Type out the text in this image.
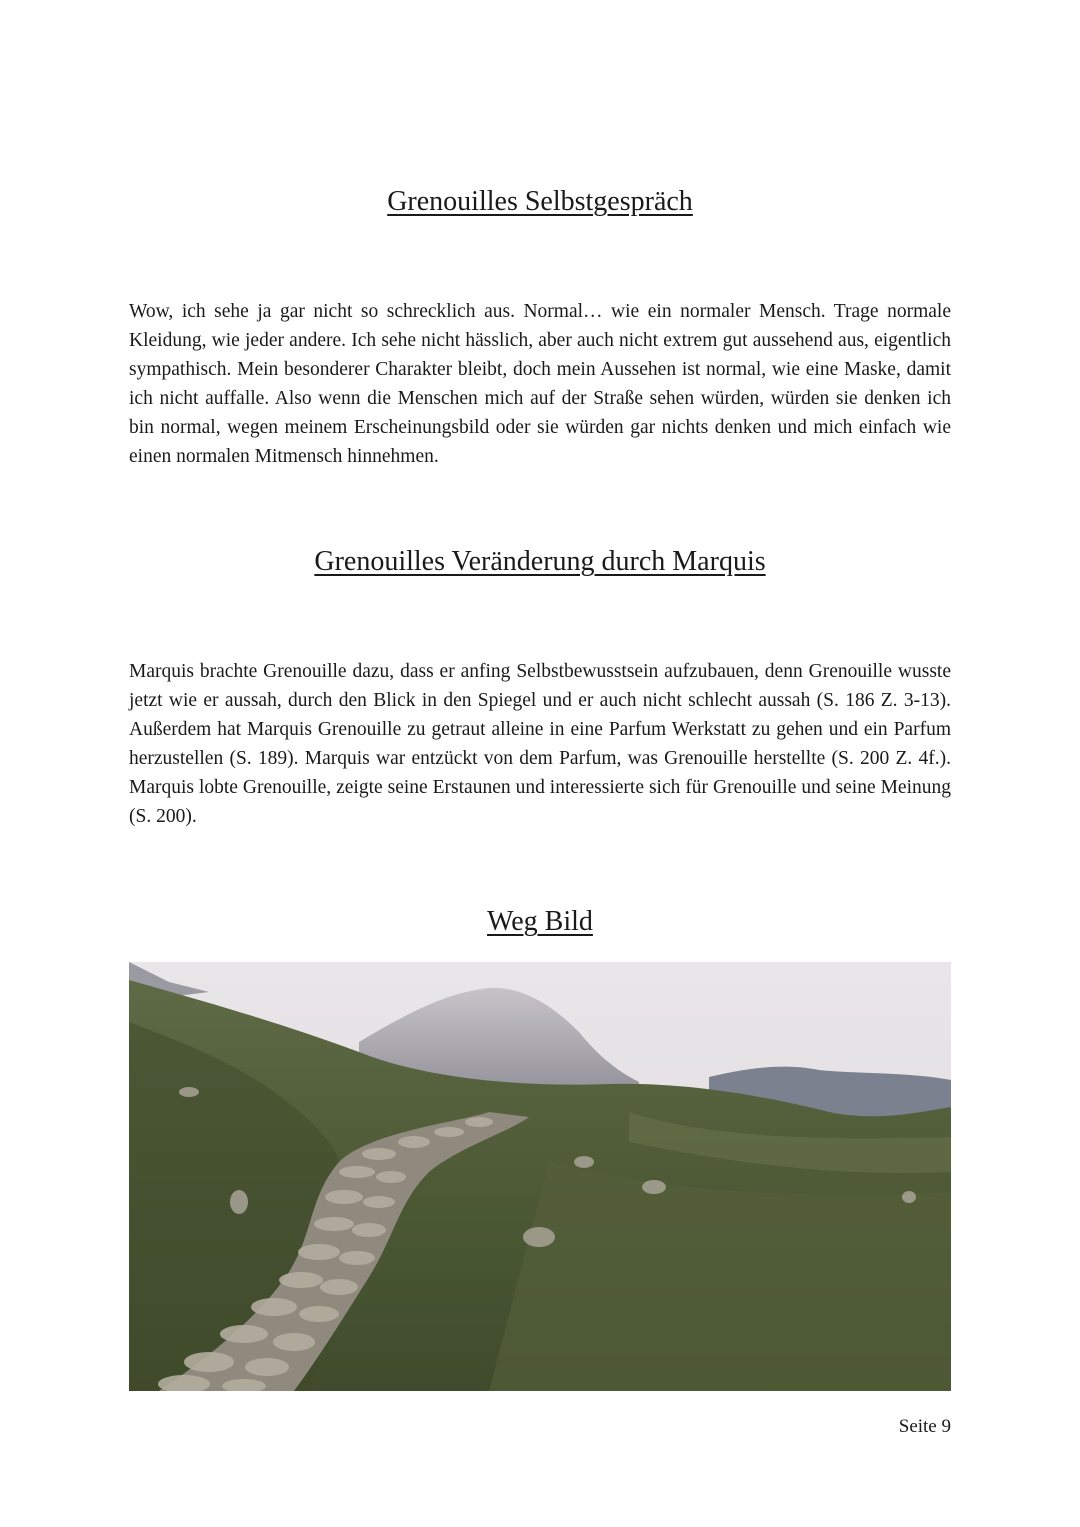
Grenouilles Selbstgespräch

Wow, ich sehe ja gar nicht so schrecklich aus. Normal… wie ein normaler Mensch. Trage normale Kleidung, wie jeder andere. Ich sehe nicht hässlich, aber auch nicht extrem gut aussehend aus, eigentlich sympathisch. Mein besonderer Charakter bleibt, doch mein Aussehen ist normal, wie eine Maske, damit ich nicht auffalle. Also wenn die Menschen mich auf der Straße sehen würden, würden sie denken ich bin normal, wegen meinem Erscheinungsbild oder sie würden gar nichts denken und mich einfach wie einen normalen Mitmensch hinnehmen.

Grenouilles Veränderung durch Marquis

Marquis brachte Grenouille dazu, dass er anfing Selbstbewusstsein aufzubauen, denn Grenouille wusste jetzt wie er aussah, durch den Blick in den Spiegel und er auch nicht schlecht aussah (S. 186 Z. 3-13). Außerdem hat Marquis Grenouille zu getraut alleine in eine Parfum Werkstatt zu gehen und ein Parfum herzustellen (S. 189). Marquis war entzückt von dem Parfum, was Grenouille herstellte (S. 200 Z. 4f.). Marquis lobte Grenouille, zeigte seine Erstaunen und interessierte sich für Grenouille und seine Meinung (S. 200).

Weg Bild
Seite 9
